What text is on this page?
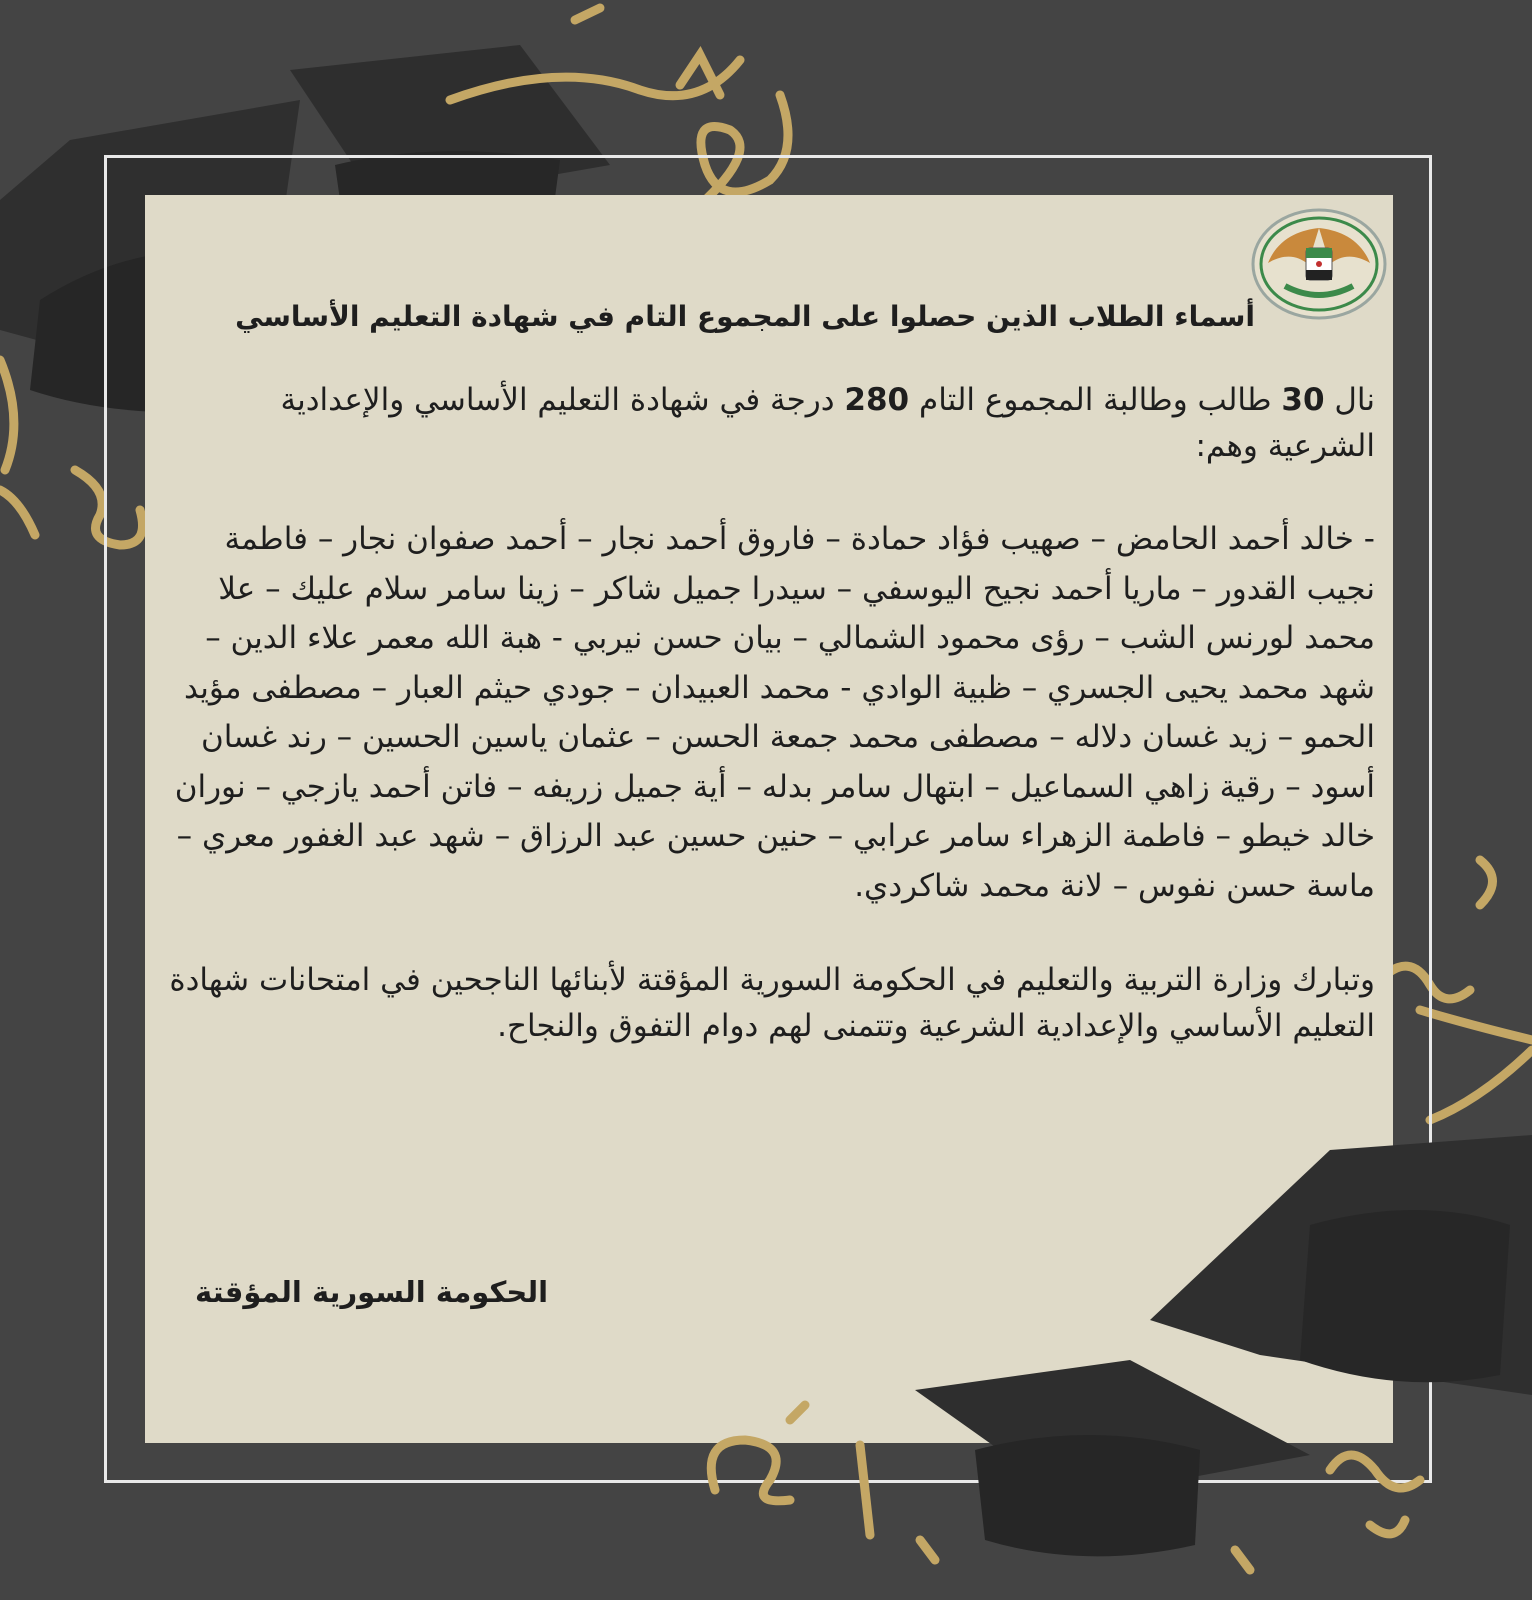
أسماء الطلاب الذين حصلوا على المجموع التام في شهادة التعليم الأساسي

نال 30 طالب وطالبة المجموع التام 280 درجة في شهادة التعليم الأساسي والإعدادية الشرعية وهم:

- خالد أحمد الحامض – صهيب فؤاد حمادة – فاروق أحمد نجار – أحمد صفوان نجار – فاطمة نجيب القدور – ماريا أحمد نجيح اليوسفي – سيدرا جميل شاكر – زينا سامر سلام عليك – علا محمد لورنس الشب – رؤى محمود الشمالي – بيان حسن نيربي - هبة الله معمر علاء الدين – شهد محمد يحيى الجسري – ظبية الوادي - محمد العبيدان – جودي حيثم العبار – مصطفى مؤيد الحمو – زيد غسان دلاله – مصطفى محمد جمعة الحسن – عثمان ياسين الحسين – رند غسان أسود – رقية زاهي السماعيل – ابتهال سامر بدله – أية جميل زريفه – فاتن أحمد يازجي – نوران خالد خيطو – فاطمة الزهراء سامر عرابي – حنين حسين عبد الرزاق – شهد عبد الغفور معري – ماسة حسن نفوس – لانة محمد شاكردي.

وتبارك وزارة التربية والتعليم في الحكومة السورية المؤقتة لأبنائها الناجحين في امتحانات شهادة التعليم الأساسي والإعدادية الشرعية وتتمنى لهم دوام التفوق والنجاح.

الحكومة السورية المؤقتة
